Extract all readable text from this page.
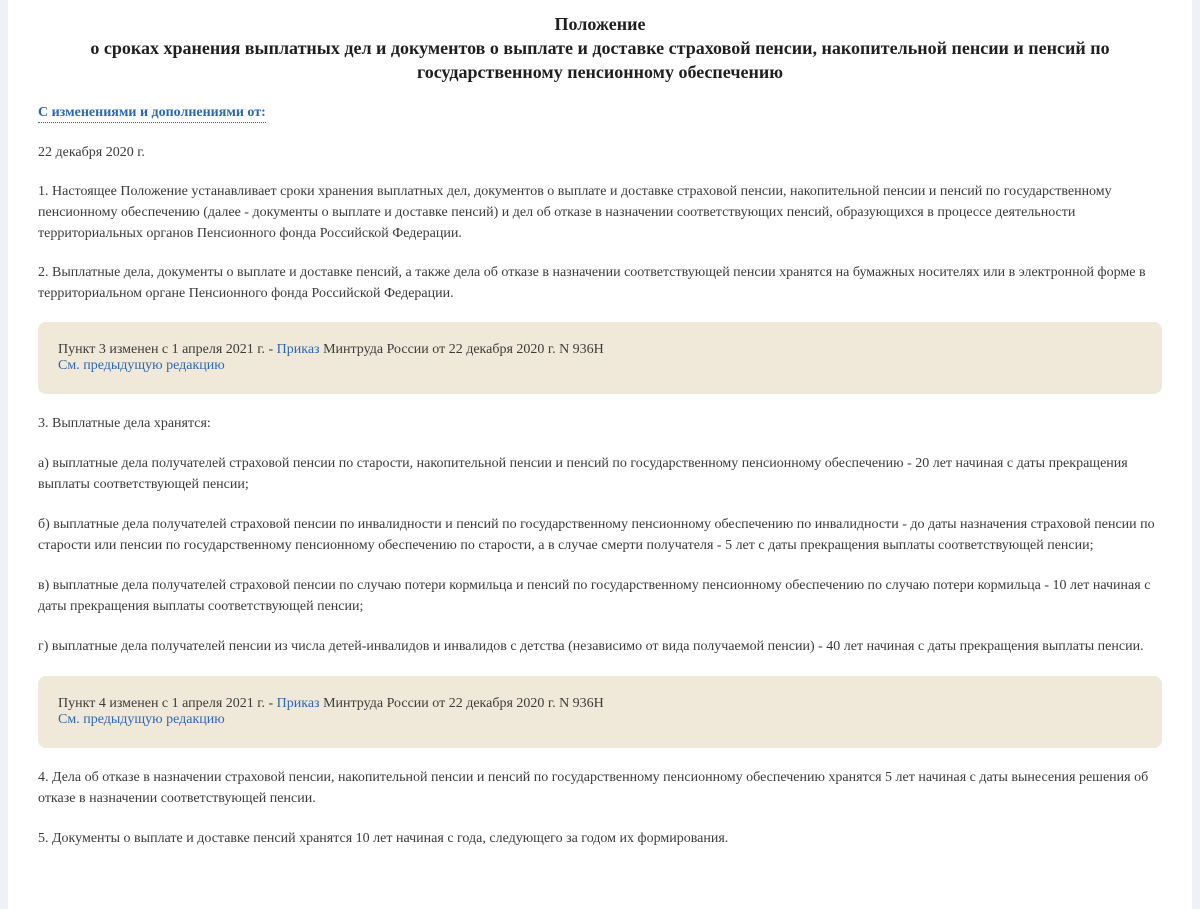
Положение
о сроках хранения выплатных дел и документов о выплате и доставке страховой пенсии, накопительной пенсии и пенсий по
государственному пенсионному обеспечению
С изменениями и дополнениями от:

22 декабря 2020 г.

1. Настоящее Положение устанавливает сроки хранения выплатных дел, документов о выплате и доставке страховой пенсии, накопительной пенсии и пенсий по государственному пенсионному обеспечению (далее - документы о выплате и доставке пенсий) и дел об отказе в назначении соответствующих пенсий, образующихся в процессе деятельности территориальных органов Пенсионного фонда Российской Федерации.

2. Выплатные дела, документы о выплате и доставке пенсий, а также дела об отказе в назначении соответствующей пенсии хранятся на бумажных носителях или в электронной форме в территориальном органе Пенсионного фонда Российской Федерации.

Пункт 3 изменен с 1 апреля 2021 г. - Приказ Минтруда России от 22 декабря 2020 г. N 936Н
См. предыдущую редакцию

3. Выплатные дела хранятся:

а) выплатные дела получателей страховой пенсии по старости, накопительной пенсии и пенсий по государственному пенсионному обеспечению - 20 лет начиная с даты прекращения выплаты соответствующей пенсии;

б) выплатные дела получателей страховой пенсии по инвалидности и пенсий по государственному пенсионному обеспечению по инвалидности - до даты назначения страховой пенсии по старости или пенсии по государственному пенсионному обеспечению по старости, а в случае смерти получателя - 5 лет с даты прекращения выплаты соответствующей пенсии;

в) выплатные дела получателей страховой пенсии по случаю потери кормильца и пенсий по государственному пенсионному обеспечению по случаю потери кормильца - 10 лет начиная с даты прекращения выплаты соответствующей пенсии;

г) выплатные дела получателей пенсии из числа детей-инвалидов и инвалидов с детства (независимо от вида получаемой пенсии) - 40 лет начиная с даты прекращения выплаты пенсии.

Пункт 4 изменен с 1 апреля 2021 г. - Приказ Минтруда России от 22 декабря 2020 г. N 936Н
См. предыдущую редакцию

4. Дела об отказе в назначении страховой пенсии, накопительной пенсии и пенсий по государственному пенсионному обеспечению хранятся 5 лет начиная с даты вынесения решения об отказе в назначении соответствующей пенсии.

5. Документы о выплате и доставке пенсий хранятся 10 лет начиная с года, следующего за годом их формирования.
